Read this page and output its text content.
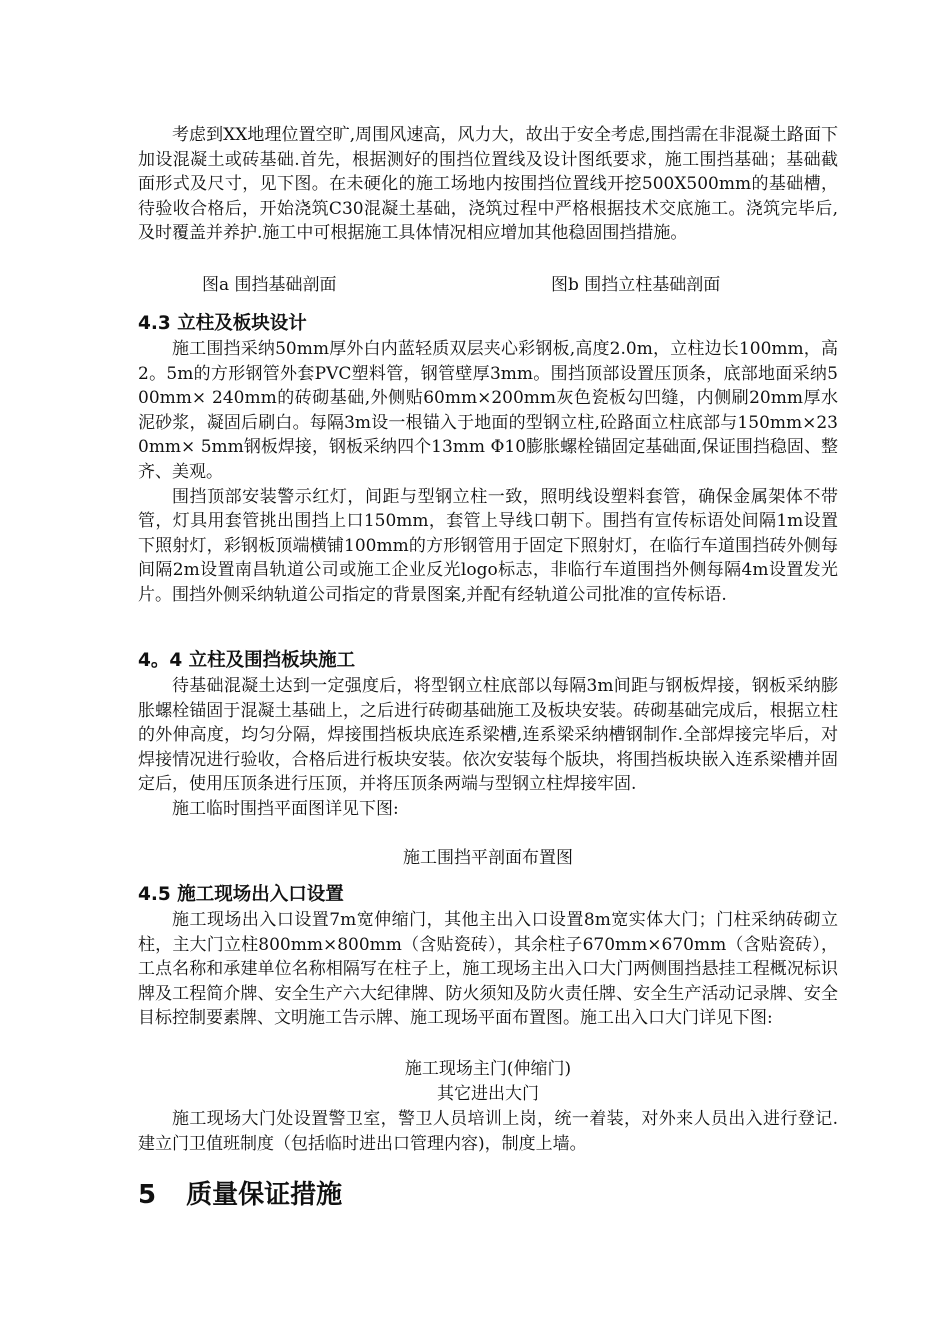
考虑到XX地理位置空旷,周围风速高，风力大，故出于安全考虑,围挡需在非混凝土路面下加设混凝土或砖基础.首先，根据测好的围挡位置线及设计图纸要求，施工围挡基础；基础截面形式及尺寸，见下图。在未硬化的施工场地内按围挡位置线开挖500X500mm的基础槽，待验收合格后，开始浇筑C30混凝土基础，浇筑过程中严格根据技术交底施工。浇筑完毕后,及时覆盖并养护.施工中可根据施工具体情况相应增加其他稳固围挡措施。

图a 围挡基础剖面	图b 围挡立柱基础剖面
4.3 立柱及板块设计

施工围挡采纳50mm厚外白内蓝轻质双层夹心彩钢板,高度2.0m，立柱边长100mm，高2。5m的方形钢管外套PVC塑料管，钢管壁厚3mm。围挡顶部设置压顶条，底部地面采纳500mm× 240mm的砖砌基础,外侧贴60mm×200mm灰色瓷板勾凹缝，内侧刷20mm厚水泥砂浆，凝固后刷白。每隔3m设一根锚入于地面的型钢立柱,砼路面立柱底部与150mm×230mm× 5mm钢板焊接，钢板采纳四个13mm Φ10膨胀螺栓锚固定基础面,保证围挡稳固、整齐、美观。

围挡顶部安装警示红灯，间距与型钢立柱一致，照明线设塑料套管，确保金属架体不带管，灯具用套管挑出围挡上口150mm，套管上导线口朝下。围挡有宣传标语处间隔1m设置下照射灯，彩钢板顶端横铺100mm的方形钢管用于固定下照射灯，在临行车道围挡砖外侧每间隔2m设置南昌轨道公司或施工企业反光logo标志，非临行车道围挡外侧每隔4m设置发光片。围挡外侧采纳轨道公司指定的背景图案,并配有经轨道公司批准的宣传标语.

4。4 立柱及围挡板块施工

待基础混凝土达到一定强度后，将型钢立柱底部以每隔3m间距与钢板焊接，钢板采纳膨胀螺栓锚固于混凝土基础上，之后进行砖砌基础施工及板块安装。砖砌基础完成后，根据立柱的外伸高度，均匀分隔，焊接围挡板块底连系梁槽,连系梁采纳槽钢制作.全部焊接完毕后，对焊接情况进行验收，合格后进行板块安装。依次安装每个版块，将围挡板块嵌入连系梁槽并固定后，使用压顶条进行压顶，并将压顶条两端与型钢立柱焊接牢固.

施工临时围挡平面图详见下图:

施工围挡平剖面布置图
4.5 施工现场出入口设置

施工现场出入口设置7m宽伸缩门，其他主出入口设置8m宽实体大门；门柱采纳砖砌立柱，主大门立柱800mm×800mm（含贴瓷砖），其余柱子670mm×670mm（含贴瓷砖），工点名称和承建单位名称相隔写在柱子上，施工现场主出入口大门两侧围挡悬挂工程概况标识牌及工程简介牌、安全生产六大纪律牌、防火须知及防火责任牌、安全生产活动记录牌、安全目标控制要素牌、文明施工告示牌、施工现场平面布置图。施工出入口大门详见下图:

施工现场主门(伸缩门)
其它进出大门

施工现场大门处设置警卫室，警卫人员培训上岗，统一着装，对外来人员出入进行登记.建立门卫值班制度（包括临时进出口管理内容)，制度上墙。

5 质量保证措施
